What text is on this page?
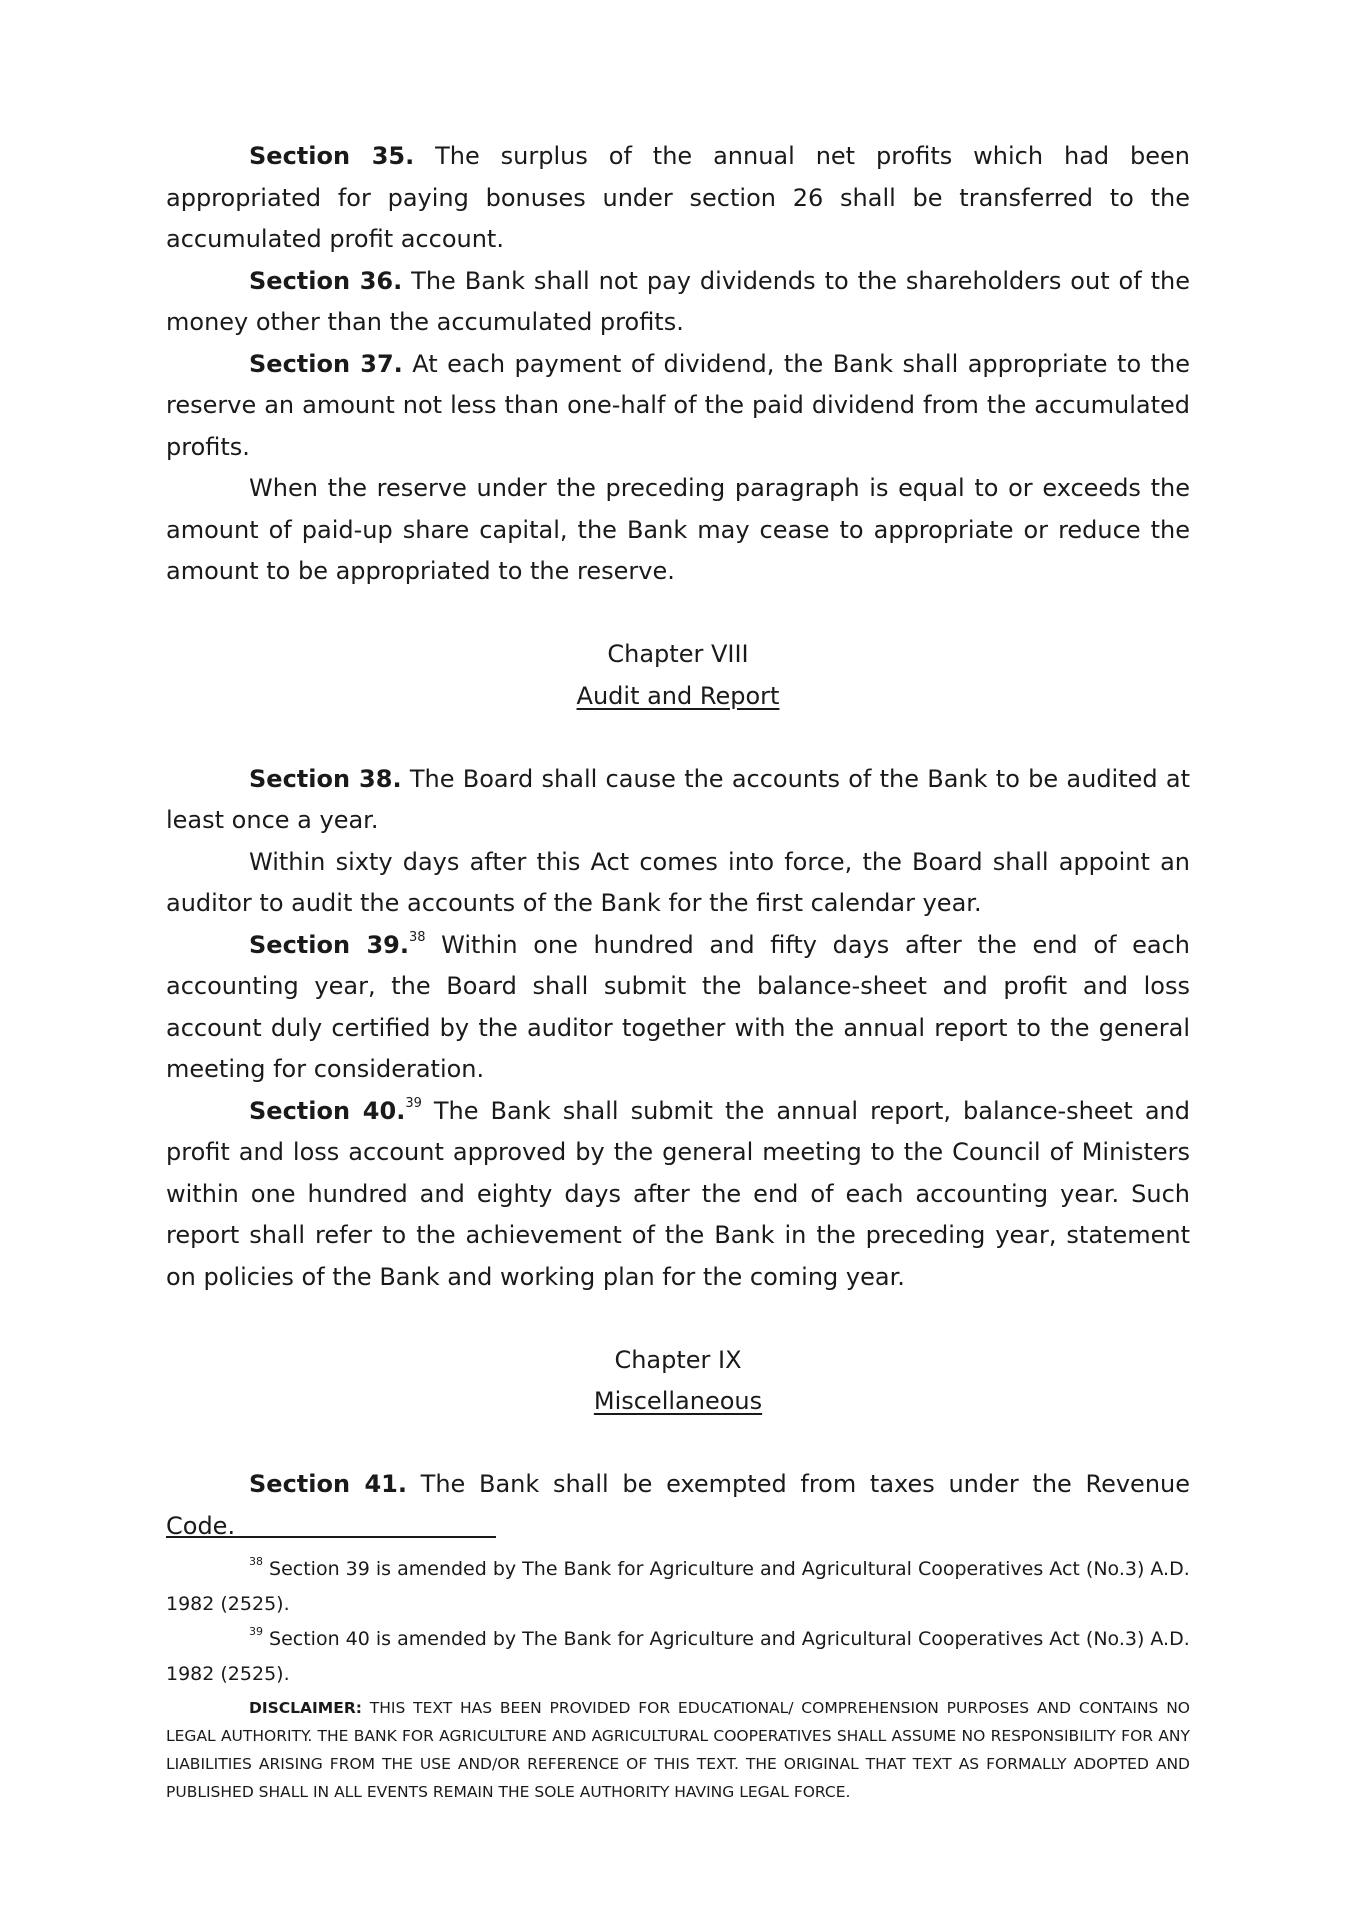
Section 35. The surplus of the annual net profits which had been appropriated for paying bonuses under section 26 shall be transferred to the accumulated profit account.

Section 36. The Bank shall not pay dividends to the shareholders out of the money other than the accumulated profits.

Section 37. At each payment of dividend, the Bank shall appropriate to the reserve an amount not less than one-half of the paid dividend from the accumulated profits.

When the reserve under the preceding paragraph is equal to or exceeds the amount of paid-up share capital, the Bank may cease to appropriate or reduce the amount to be appropriated to the reserve.

Chapter VIII

Audit and Report

Section 38. The Board shall cause the accounts of the Bank to be audited at least once a year.

Within sixty days after this Act comes into force, the Board shall appoint an auditor to audit the accounts of the Bank for the first calendar year.

Section 39.38 Within one hundred and fifty days after the end of each accounting year, the Board shall submit the balance-sheet and profit and loss account duly certified by the auditor together with the annual report to the general meeting for consideration.

Section 40.39 The Bank shall submit the annual report, balance-sheet and profit and loss account approved by the general meeting to the Council of Ministers within one hundred and eighty days after the end of each accounting year. Such report shall refer to the achievement of the Bank in the preceding year, statement on policies of the Bank and working plan for the coming year.

Chapter IX

Miscellaneous

Section 41. The Bank shall be exempted from taxes under the Revenue Code.

$^{38}$ Section 39 is amended by The Bank for Agriculture and Agricultural Cooperatives Act (No.3) A.D. 1982 (2525).

$^{39}$ Section 40 is amended by The Bank for Agriculture and Agricultural Cooperatives Act (No.3) A.D. 1982 (2525).

DISCLAIMER: THIS TEXT HAS BEEN PROVIDED FOR EDUCATIONAL/ COMPREHENSION PURPOSES AND CONTAINS NO LEGAL AUTHORITY. THE BANK FOR AGRICULTURE AND AGRICULTURAL COOPERATIVES SHALL ASSUME NO RESPONSIBILITY FOR ANY LIABILITIES ARISING FROM THE USE AND/OR REFERENCE OF THIS TEXT. THE ORIGINAL THAT TEXT AS FORMALLY ADOPTED AND PUBLISHED SHALL IN ALL EVENTS REMAIN THE SOLE AUTHORITY HAVING LEGAL FORCE.
